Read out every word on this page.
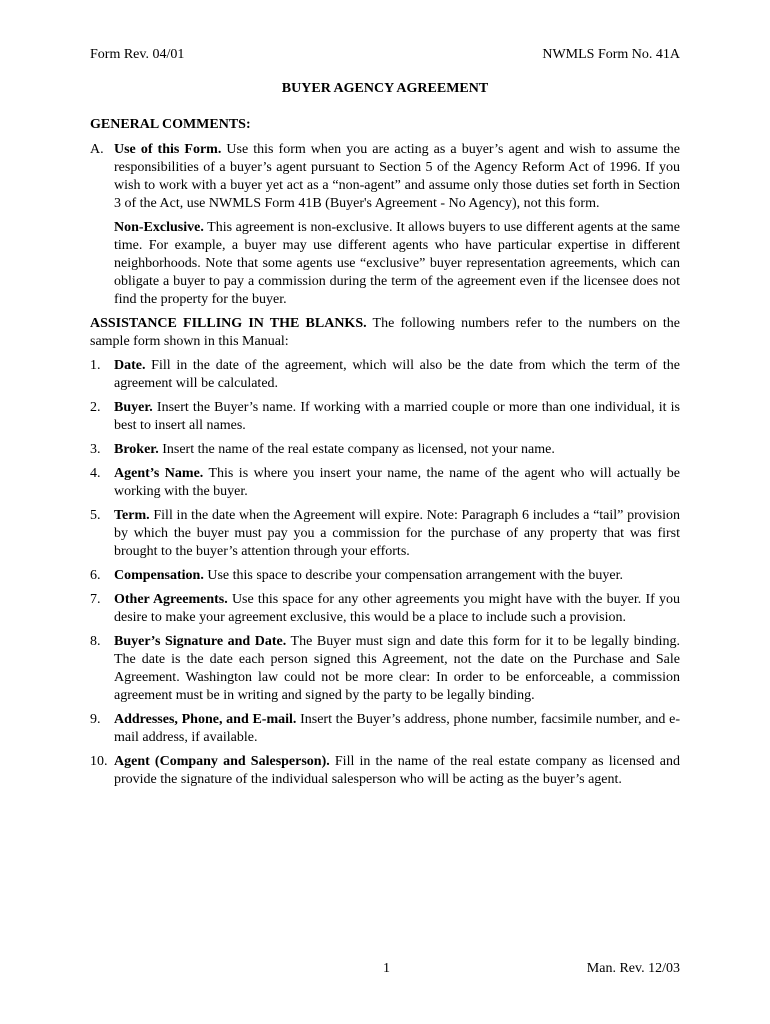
Form Rev. 04/01	NWMLS Form No. 41A
BUYER AGENCY AGREEMENT
GENERAL COMMENTS:
A. Use of this Form. Use this form when you are acting as a buyer’s agent and wish to assume the responsibilities of a buyer’s agent pursuant to Section 5 of the Agency Reform Act of 1996. If you wish to work with a buyer yet act as a “non-agent” and assume only those duties set forth in Section 3 of the Act, use NWMLS Form 41B (Buyer's Agreement - No Agency), not this form.
Non-Exclusive. This agreement is non-exclusive. It allows buyers to use different agents at the same time. For example, a buyer may use different agents who have particular expertise in different neighborhoods. Note that some agents use “exclusive” buyer representation agreements, which can obligate a buyer to pay a commission during the term of the agreement even if the licensee does not find the property for the buyer.
ASSISTANCE FILLING IN THE BLANKS. The following numbers refer to the numbers on the sample form shown in this Manual:
1. Date. Fill in the date of the agreement, which will also be the date from which the term of the agreement will be calculated.
2. Buyer. Insert the Buyer’s name. If working with a married couple or more than one individual, it is best to insert all names.
3. Broker. Insert the name of the real estate company as licensed, not your name.
4. Agent’s Name. This is where you insert your name, the name of the agent who will actually be working with the buyer.
5. Term. Fill in the date when the Agreement will expire. Note: Paragraph 6 includes a “tail” provision by which the buyer must pay you a commission for the purchase of any property that was first brought to the buyer’s attention through your efforts.
6. Compensation. Use this space to describe your compensation arrangement with the buyer.
7. Other Agreements. Use this space for any other agreements you might have with the buyer. If you desire to make your agreement exclusive, this would be a place to include such a provision.
8. Buyer’s Signature and Date. The Buyer must sign and date this form for it to be legally binding. The date is the date each person signed this Agreement, not the date on the Purchase and Sale Agreement. Washington law could not be more clear: In order to be enforceable, a commission agreement must be in writing and signed by the party to be legally binding.
9. Addresses, Phone, and E-mail. Insert the Buyer’s address, phone number, facsimile number, and e-mail address, if available.
10. Agent (Company and Salesperson). Fill in the name of the real estate company as licensed and provide the signature of the individual salesperson who will be acting as the buyer’s agent.
1	Man. Rev. 12/03
